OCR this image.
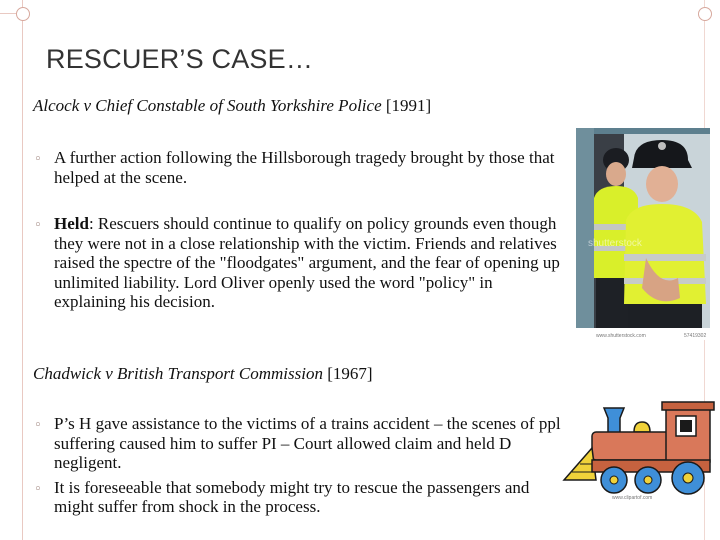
RESCUER’S CASE…
Alcock v Chief Constable of South Yorkshire Police [1991]
◦ A further action following the Hillsborough tragedy brought by those that helped at the scene.
◦ Held: Rescuers should continue to qualify on policy grounds even though they were not in a close relationship with the victim. Friends and relatives raised the spectre of the "floodgates" argument, and the fear of opening up unlimited liability. Lord Oliver openly used the word "policy" in explaining his decision.
Chadwick v British Transport Commission [1967]
◦ P’s H gave assistance to the victims of a trains accident – the scenes of ppl suffering caused him to suffer PI – Court allowed claim and held D negligent.
◦ It is foreseeable that somebody might try to rescue the passengers and might suffer from shock in the process.
shutterstock
www.shutterstock.com	57419302
www.clipartof.com
